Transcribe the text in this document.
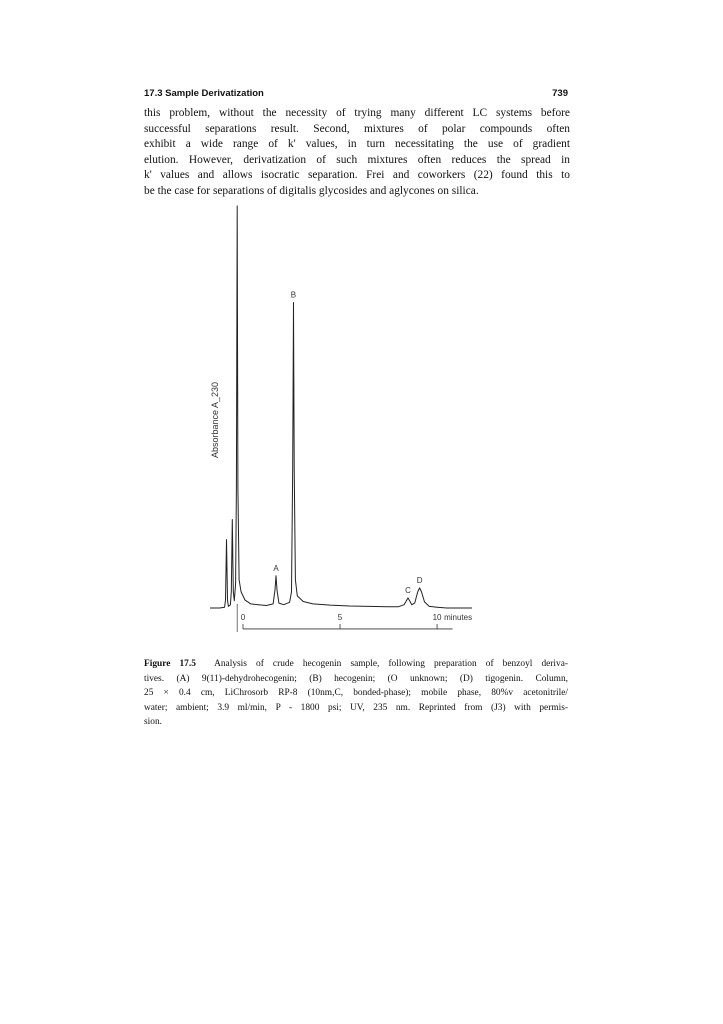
17.3 Sample Derivatization	739

this problem, without the necessity of trying many different LC systems before
successful separations result. Second, mixtures of polar compounds often
exhibit a wide range of k' values, in turn necessitating the use of gradient
elution. However, derivatization of such mixtures often reduces the spread in
k' values and allows isocratic separation. Frei and coworkers (22) found this to
be the case for separations of digitalis glycosides and aglycones on silica.

Absorbance A_230
0	5	10 minutes
A
B
C
D

Figure 17.5 Analysis of crude hecogenin sample, following preparation of benzoyl deriva-
tives. (A) 9(11)-dehydrohecogenin; (B) hecogenin; (O unknown; (D) tigogenin. Column,
25 × 0.4 cm, LiChrosorb RP-8 (10nm,C, bonded-phase); mobile phase, 80%v acetonitrile/
water; ambient; 3.9 ml/min, P - 1800 psi; UV, 235 nm. Reprinted from (J3) with permis-
sion.
